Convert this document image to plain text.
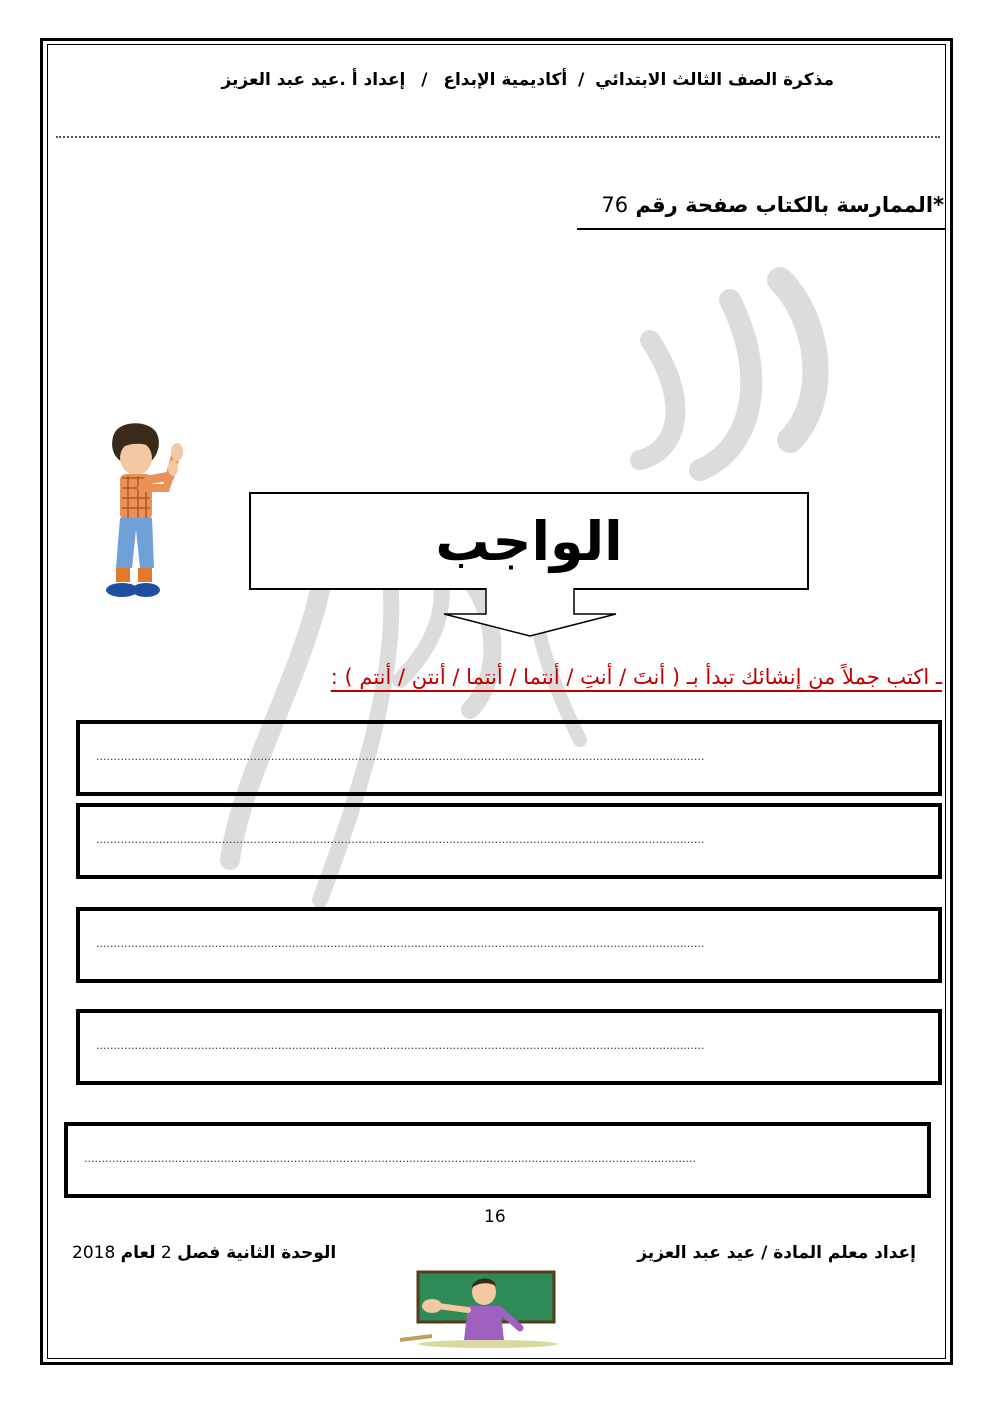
مذكرة الصف الثالث الابتدائي
/
أكاديمية الإبداع
/
إعداد أ .عيد عبد العزيز
*الممارسة بالكتاب صفحة رقم 76
الواجب
ـ اكتب جملاً من إنشائك تبدأ بـ ( أنتَ / أنتِ / أنتما / أنتما / أنتن / أنتم ) :
..............................................................................................................................................................................
..............................................................................................................................................................................
..............................................................................................................................................................................
..............................................................................................................................................................................
...............................................................................................................................................................................
16
الوحدة الثانية فصل 2 لعام 2018	إعداد معلم المادة / عيد عبد العزيز
